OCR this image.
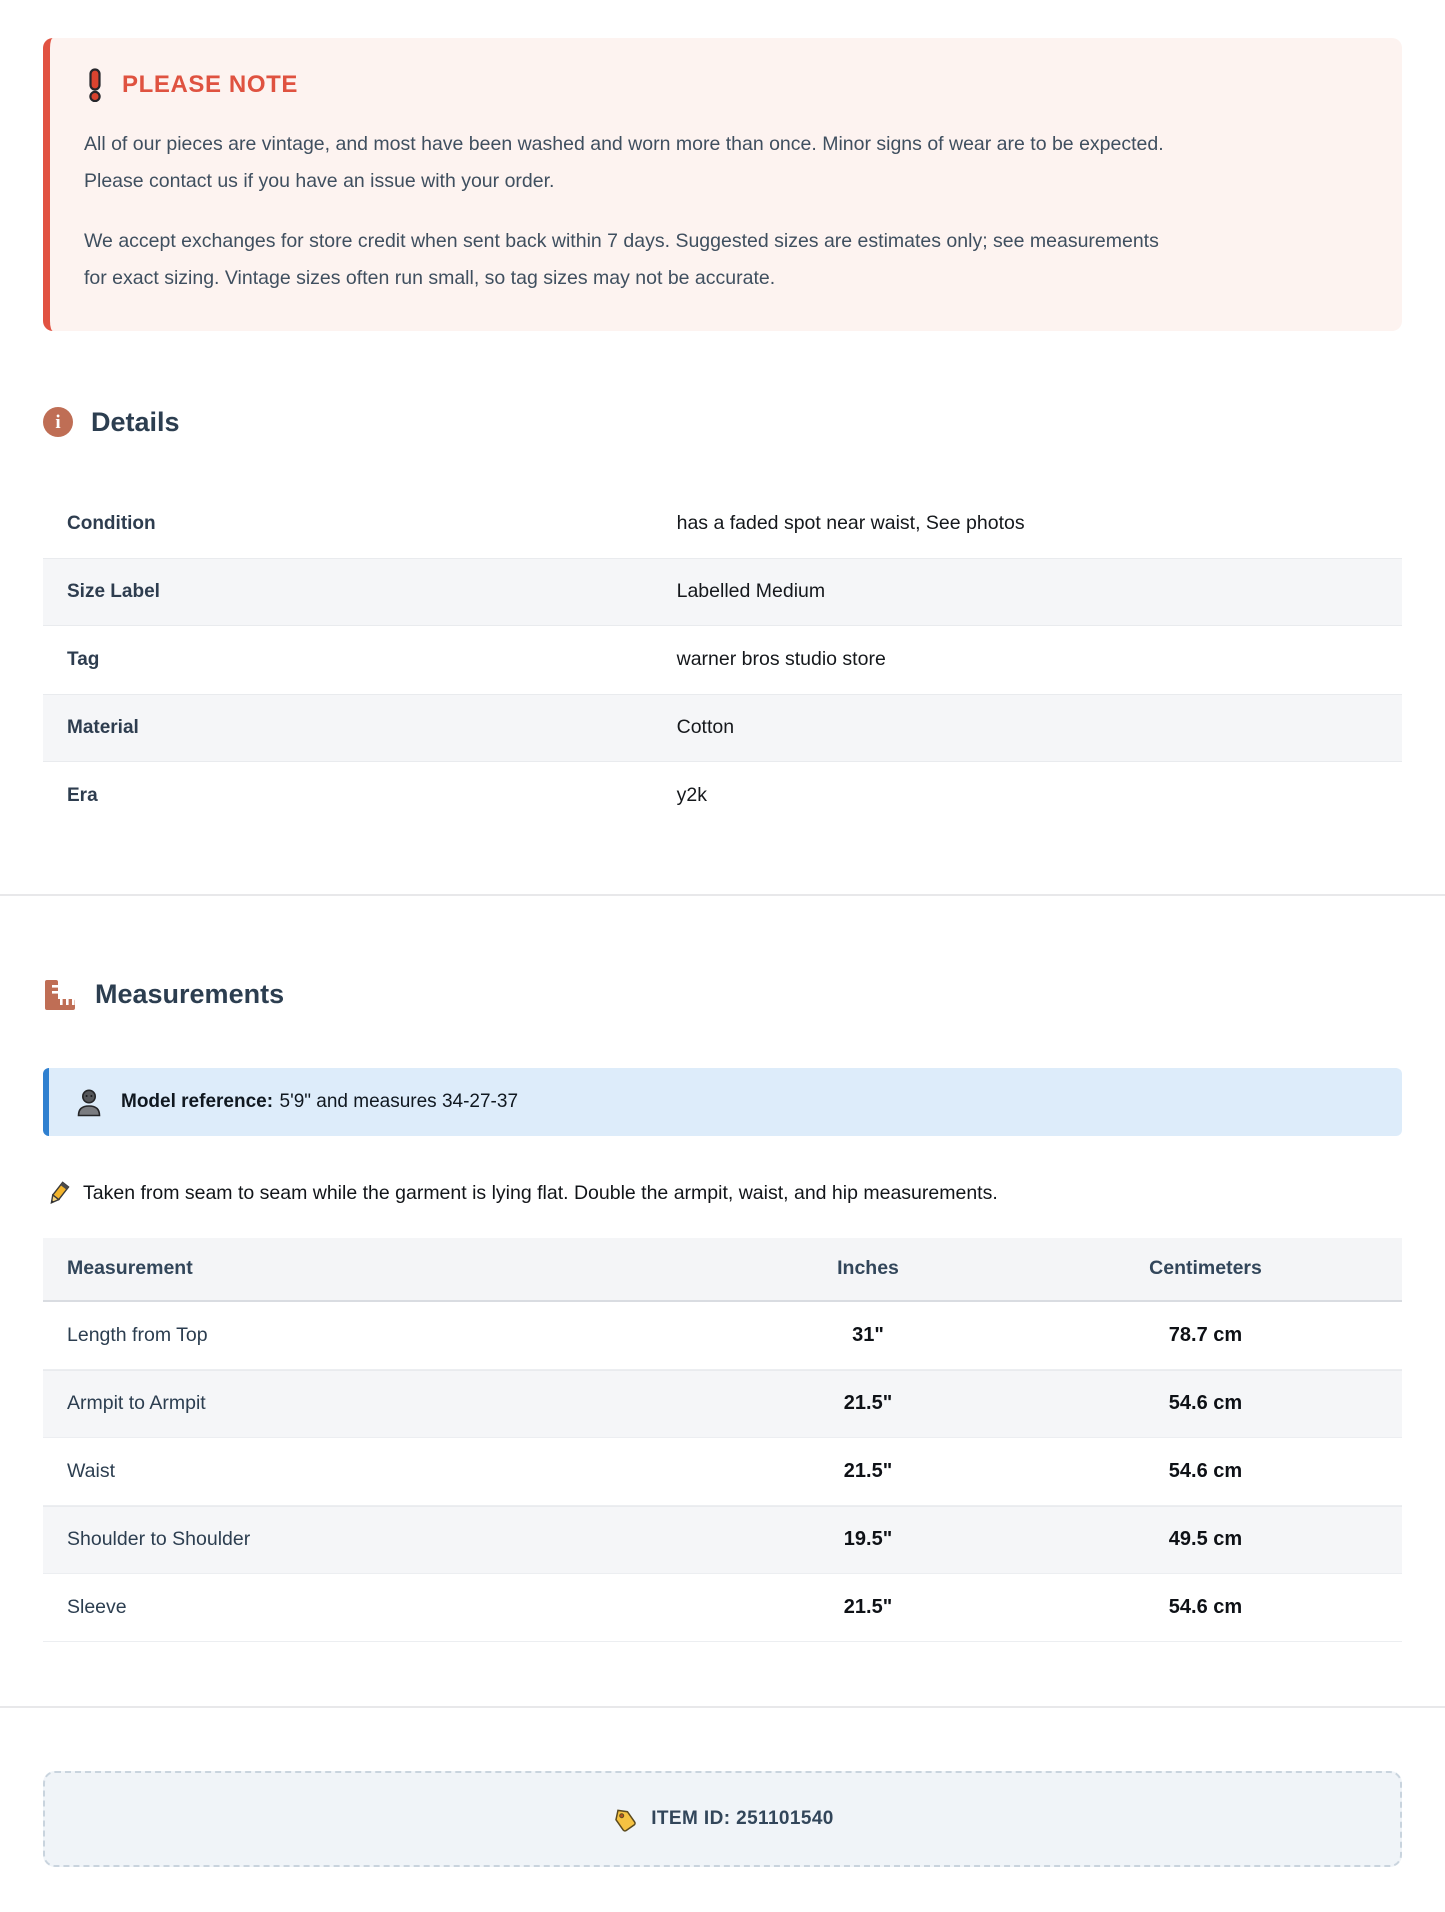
PLEASE NOTE

All of our pieces are vintage, and most have been washed and worn more than once. Minor signs of wear are to be expected. Please contact us if you have an issue with your order.

We accept exchanges for store credit when sent back within 7 days. Suggested sizes are estimates only; see measurements for exact sizing. Vintage sizes often run small, so tag sizes may not be accurate.

i	Details
Condition	has a faded spot near waist, See photos
Size Label	Labelled Medium
Tag	warner bros studio store
Material	Cotton
Era	y2k
Measurements
Model reference: 5'9" and measures 34-27-37
Taken from seam to seam while the garment is lying flat. Double the armpit, waist, and hip measurements.
Measurement	Inches	Centimeters
Length from Top	31"	78.7 cm
Armpit to Armpit	21.5"	54.6 cm
Waist	21.5"	54.6 cm
Shoulder to Shoulder	19.5"	49.5 cm
Sleeve	21.5"	54.6 cm
ITEM ID: 251101540
